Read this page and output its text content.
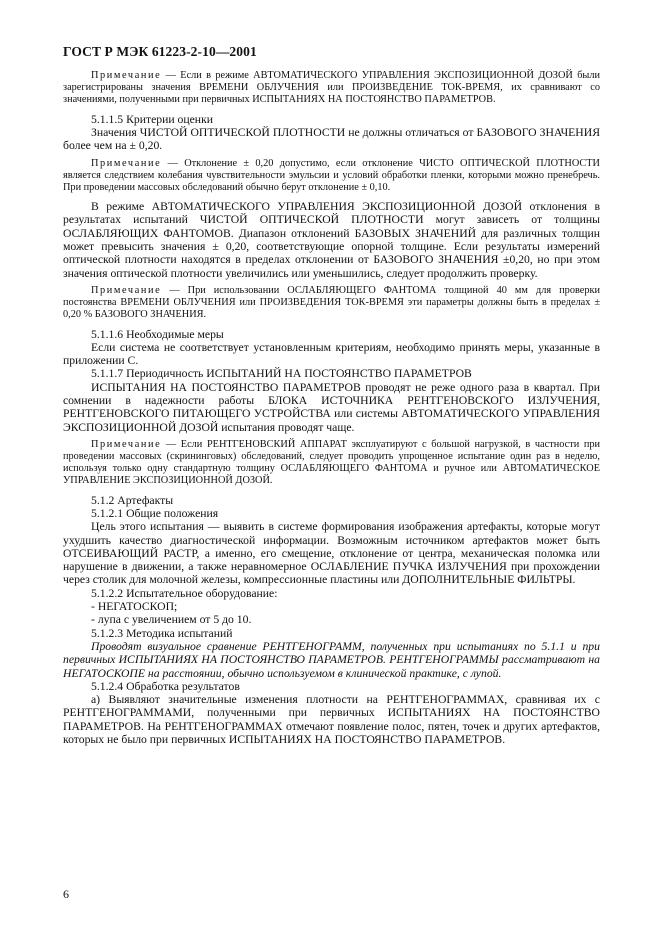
ГОСТ Р МЭК 61223-2-10—2001

Примечание — Если в режиме АВТОМАТИЧЕСКОГО УПРАВЛЕНИЯ ЭКСПОЗИЦИОННОЙ ДОЗОЙ были зарегистрированы значения ВРЕМЕНИ ОБЛУЧЕНИЯ или ПРОИЗВЕДЕНИЕ ТОК-ВРЕМЯ, их сравнивают со значениями, полученными при первичных ИСПЫТАНИЯХ НА ПОСТОЯНСТВО ПАРАМЕТРОВ.

5.1.1.5 Критерии оценки

Значения ЧИСТОЙ ОПТИЧЕСКОЙ ПЛОТНОСТИ не должны отличаться от БАЗОВОГО ЗНАЧЕНИЯ более чем на ± 0,20.

Примечание — Отклонение ± 0,20 допустимо, если отклонение ЧИСТО ОПТИЧЕСКОЙ ПЛОТНОСТИ является следствием колебания чувствительности эмульсии и условий обработки пленки, которыми можно пренебречь. При проведении массовых обследований обычно берут отклонение ± 0,10.

В режиме АВТОМАТИЧЕСКОГО УПРАВЛЕНИЯ ЭКСПОЗИЦИОННОЙ ДОЗОЙ отклонения в результатах испытаний ЧИСТОЙ ОПТИЧЕСКОЙ ПЛОТНОСТИ могут зависеть от толщины ОСЛАБЛЯЮЩИХ ФАНТОМОВ. Диапазон отклонений БАЗОВЫХ ЗНАЧЕНИЙ для различных толщин может превысить значения ± 0,20, соответствующие опорной толщине. Если результаты измерений оптической плотности находятся в пределах отклонении от БАЗОВОГО ЗНАЧЕНИЯ ±0,20, но при этом значения оптической плотности увеличились или уменьшились, следует продолжить проверку.

Примечание — При использовании ОСЛАБЛЯЮЩЕГО ФАНТОМА толщиной 40 мм для проверки постоянства ВРЕМЕНИ ОБЛУЧЕНИЯ или ПРОИЗВЕДЕНИЯ ТОК-ВРЕМЯ эти параметры должны быть в пределах ± 0,20 % БАЗОВОГО ЗНАЧЕНИЯ.

5.1.1.6 Необходимые меры

Если система не соответствует установленным критериям, необходимо принять меры, указанные в приложении С.

5.1.1.7 Периодичность ИСПЫТАНИЙ НА ПОСТОЯНСТВО ПАРАМЕТРОВ

ИСПЫТАНИЯ НА ПОСТОЯНСТВО ПАРАМЕТРОВ проводят не реже одного раза в квартал. При сомнении в надежности работы БЛОКА ИСТОЧНИКА РЕНТГЕНОВСКОГО ИЗЛУЧЕНИЯ, РЕНТГЕНОВСКОГО ПИТАЮЩЕГО УСТРОЙСТВА или системы АВТОМАТИЧЕСКОГО УПРАВЛЕНИЯ ЭКСПОЗИЦИОННОЙ ДОЗОЙ испытания проводят чаще.

Примечание — Если РЕНТГЕНОВСКИЙ АППАРАТ эксплуатируют с большой нагрузкой, в частности при проведении массовых (скрининговых) обследований, следует проводить упрощенное испытание один раз в неделю, используя только одну стандартную толщину ОСЛАБЛЯЮЩЕГО ФАНТОМА и ручное или АВТОМАТИЧЕСКОЕ УПРАВЛЕНИЕ ЭКСПОЗИЦИОННОЙ ДОЗОЙ.

5.1.2 Артефакты

5.1.2.1 Общие положения

Цель этого испытания — выявить в системе формирования изображения артефакты, которые могут ухудшить качество диагностической информации. Возможным источником артефактов может быть ОТСЕИВАЮЩИЙ РАСТР, а именно, его смещение, отклонение от центра, механическая поломка или нарушение в движении, а также неравномерное ОСЛАБЛЕНИЕ ПУЧКА ИЗЛУЧЕНИЯ при прохождении через столик для молочной железы, компрессионные пластины или ДОПОЛНИТЕЛЬНЫЕ ФИЛЬТРЫ.

5.1.2.2 Испытательное оборудование:

- НЕГАТОСКОП;

- лупа с увеличением от 5 до 10.

5.1.2.3 Методика испытаний

Проводят визуальное сравнение РЕНТГЕНОГРАММ, полученных при испытаниях по 5.1.1 и при первичных ИСПЫТАНИЯХ НА ПОСТОЯНСТВО ПАРАМЕТРОВ. РЕНТГЕНОГРАММЫ рассматривают на НЕГАТОСКОПЕ на расстоянии, обычно используемом в клинической практике, с лупой.

5.1.2.4 Обработка результатов

а) Выявляют значительные изменения плотности на РЕНТГЕНОГРАММАХ, сравнивая их с РЕНТГЕНОГРАММАМИ, полученными при первичных ИСПЫТАНИЯХ НА ПОСТОЯНСТВО ПАРАМЕТРОВ. На РЕНТГЕНОГРАММАХ отмечают появление полос, пятен, точек и других артефактов, которых не было при первичных ИСПЫТАНИЯХ НА ПОСТОЯНСТВО ПАРАМЕТРОВ.

6
